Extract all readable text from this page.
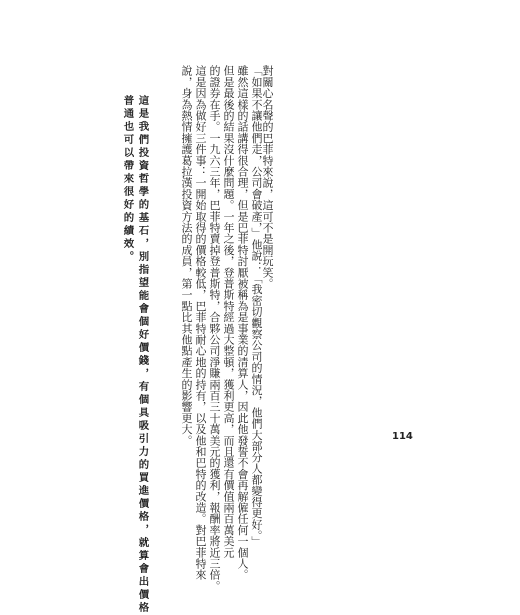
對關心名聲的巴菲特來說，這可不是開玩笑。
「如果不讓他們走，公司會破產，」他說：「我密切觀察公司的情況，他們大部分人都變得更好。」
雖然這樣的話講得很合理，但是巴菲特討厭被稱為是事業的清算人，因此他發誓不會再解僱任何一個人。
但是最後的結果沒什麼問題。一年之後，登普斯特經過大整頓，獲利更高，而且還有價值兩百萬美元
的證券在手。一九六三年，巴菲特賣掉登普斯特，合夥公司淨賺兩百三十萬美元的獲利，報酬率將近三倍。
這是因為做好三件事：一開始取得的價格較低，巴菲特耐心地的持有，以及他和巴特的改造。對巴菲特來
說，身為熱情擁護葛拉漢投資方法的成員，第一點比其他點產生的影響更大。
這是我們投資哲學的基石，別指望能會個好價錢，有個具吸引力的買進價格，就算會出價格
普通也可以帶來很好的績效。
114
